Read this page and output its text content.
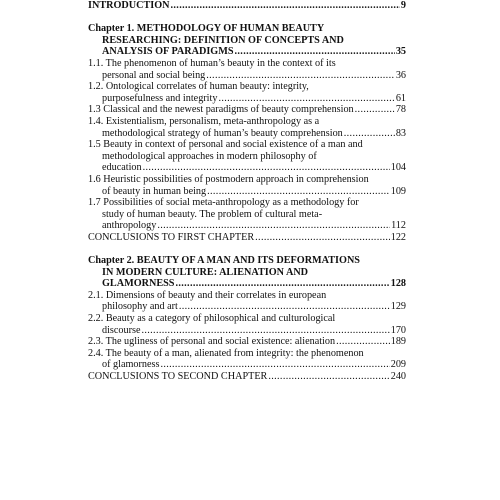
INTRODUCTION . . .	9
Chapter 1. METHODOLOGY OF HUMAN BEAUTY
RESEARCHING: DEFINITION OF CONCEPTS AND
ANALYSIS OF PARADIGMS . . .	35
1.1. The phenomenon of human’s beauty in the context of its
personal and social being . . .	36
1.2. Ontological correlates of human beauty: integrity,
purposefulness and integrity . . .	61
1.3 Classical and the newest paradigms of beauty comprehension . . .	78
1.4. Existentialism, personalism, meta-anthropology as a
methodological strategy of human’s beauty comprehension . . .	83
1.5 Beauty in context of personal and social existence of a man and
methodological approaches in modern philosophy of
education . . .	104
1.6 Heuristic possibilities of postmodern approach in comprehension
of beauty in human being . . .	109
1.7 Possibilities of social meta-anthropology as a methodology for
study of human beauty. The problem of cultural meta-
anthropology . . .	112
CONCLUSIONS TO FIRST CHAPTER . . .	122
Chapter 2. BEAUTY OF A MAN AND ITS DEFORMATIONS
IN MODERN CULTURE: ALIENATION AND
GLAMORNESS . . .	128
2.1. Dimensions of beauty and their correlates in european
philosophy and art . . .	129
2.2. Beauty as a category of philosophical and culturological
discourse . . .	170
2.3. The ugliness of personal and social existence: alienation . . .	189
2.4. The beauty of a man, alienated from integrity: the phenomenon
of glamorness . . .	209
CONCLUSIONS TO SECOND CHAPTER . . .	240
